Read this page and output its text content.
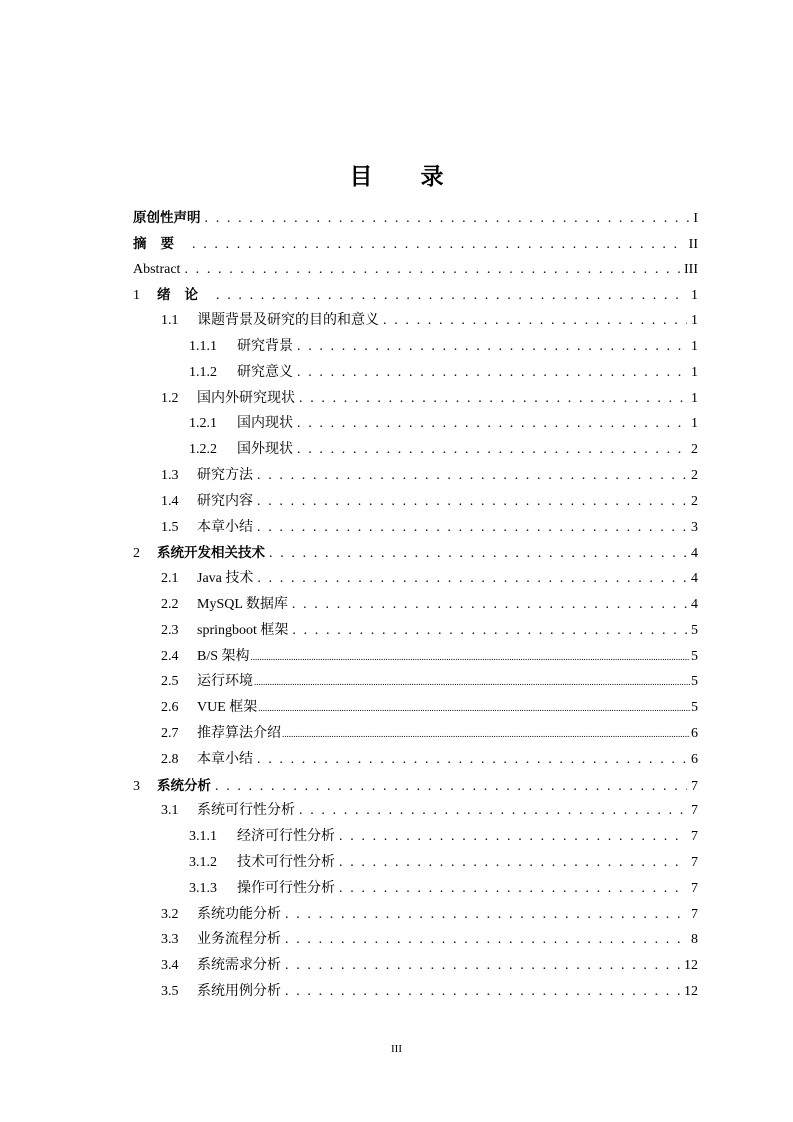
目 录
原创性声明 . . .	I
摘要 . . .	II
Abstract . . .	III
1	绪论 . . .	1
1.1	课题背景及研究的目的和意义 . . .	1
1.1.1	研究背景 . . .	1
1.1.2	研究意义 . . .	1
1.2	国内外研究现状 . . .	1
1.2.1	国内现状 . . .	1
1.2.2	国外现状 . . .	2
1.3	研究方法 . . .	2
1.4	研究内容 . . .	2
1.5	本章小结 . . .	3
2	系统开发相关技术 . . .	4
2.1	Java 技术 . . .	4
2.2	MySQL 数据库 . . .	4
2.3	springboot 框架 . . .	5
2.4	B/S 架构 .....	5
2.5	运行环境 .....	5
2.6	VUE 框架 .....	5
2.7	推荐算法介绍 .....	6
2.8	本章小结 . . .	6
3	系统分析 . . .	7
3.1	系统可行性分析 . . .	7
3.1.1	经济可行性分析 . . .	7
3.1.2	技术可行性分析 . . .	7
3.1.3	操作可行性分析 . . .	7
3.2	系统功能分析 . . .	7
3.3	业务流程分析 . . .	8
3.4	系统需求分析 . . .	12
3.5	系统用例分析 . . .	12
III
